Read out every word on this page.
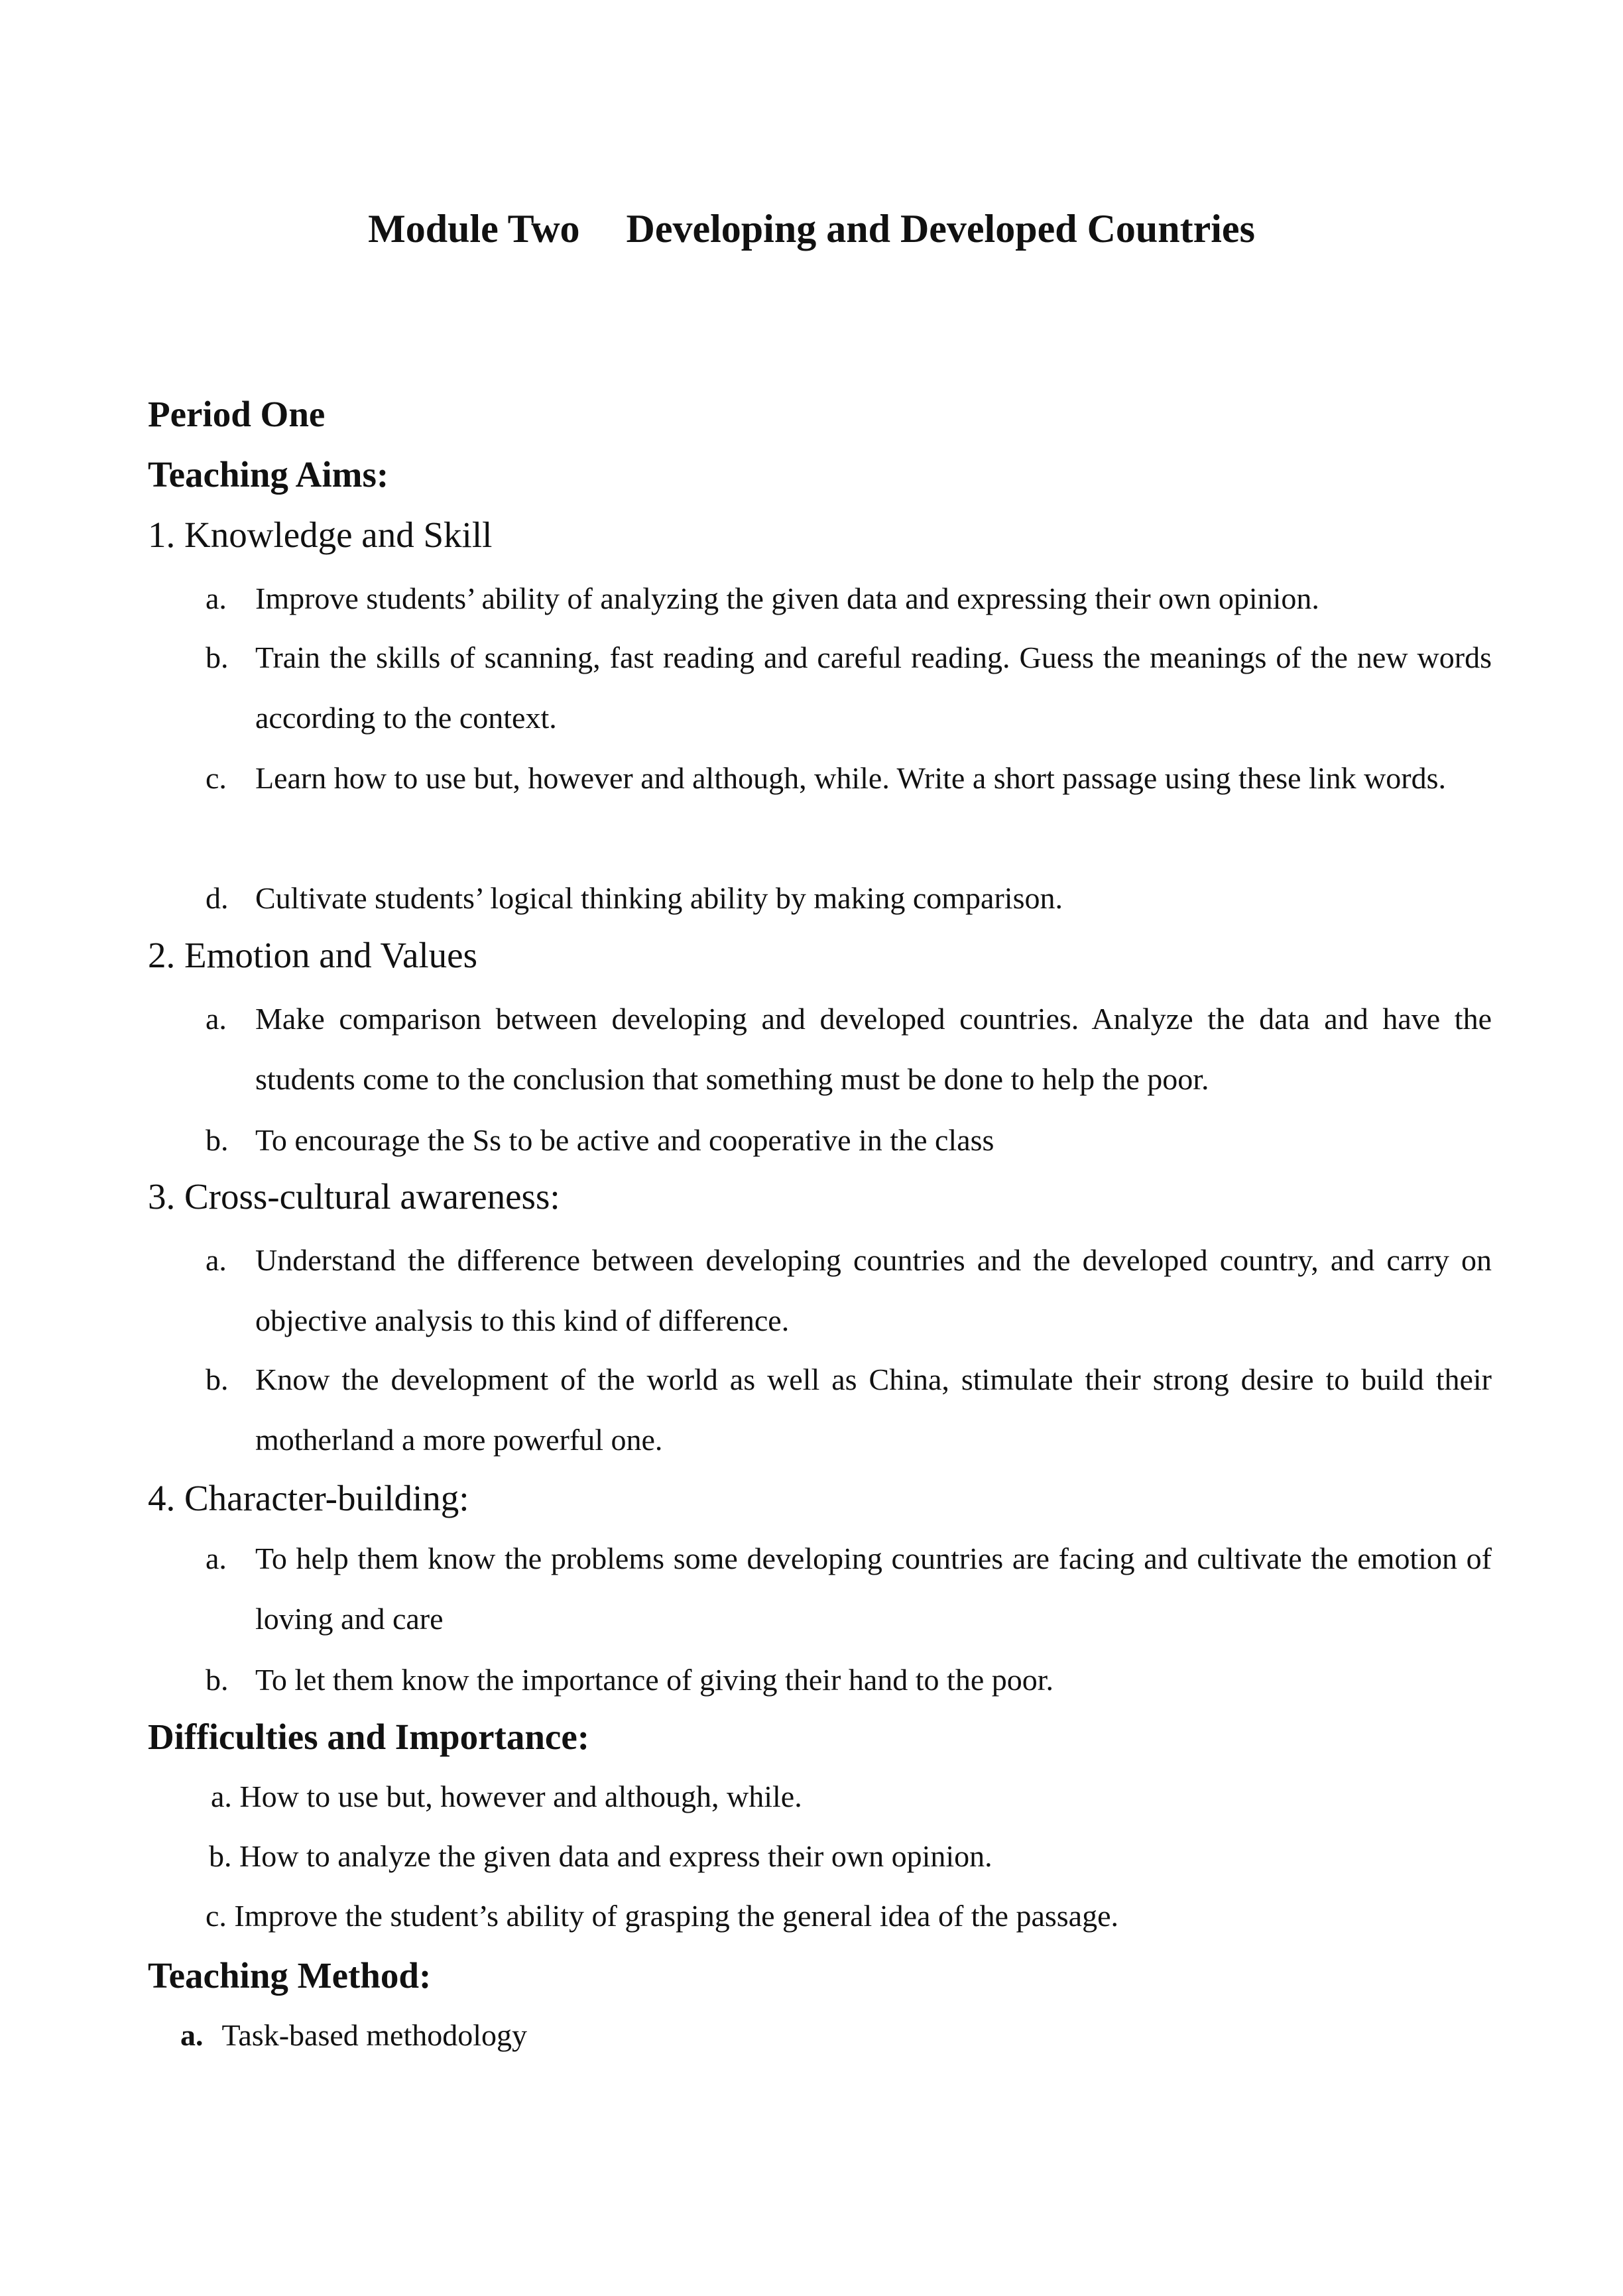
Module Two Developing and Developed Countries
Period One
Teaching Aims:
1. Knowledge and Skill
a. Improve students’ ability of analyzing the given data and expressing their own opinion.
b. Train the skills of scanning, fast reading and careful reading. Guess the meanings of the new words according to the context.
c. Learn how to use but, however and although, while. Write a short passage using these link words.
d. Cultivate students’ logical thinking ability by making comparison.
2. Emotion and Values
a. Make comparison between developing and developed countries. Analyze the data and have the students come to the conclusion that something must be done to help the poor.
b. To encourage the Ss to be active and cooperative in the class
3. Cross-cultural awareness:
a. Understand the difference between developing countries and the developed country, and carry on objective analysis to this kind of difference.
b. Know the development of the world as well as China, stimulate their strong desire to build their motherland a more powerful one.
4. Character-building:
a. To help them know the problems some developing countries are facing and cultivate the emotion of loving and care
b. To let them know the importance of giving their hand to the poor.
Difficulties and Importance:
a. How to use but, however and although, while.
b. How to analyze the given data and express their own opinion.
c. Improve the student’s ability of grasping the general idea of the passage.
Teaching Method:
a. Task-based methodology
